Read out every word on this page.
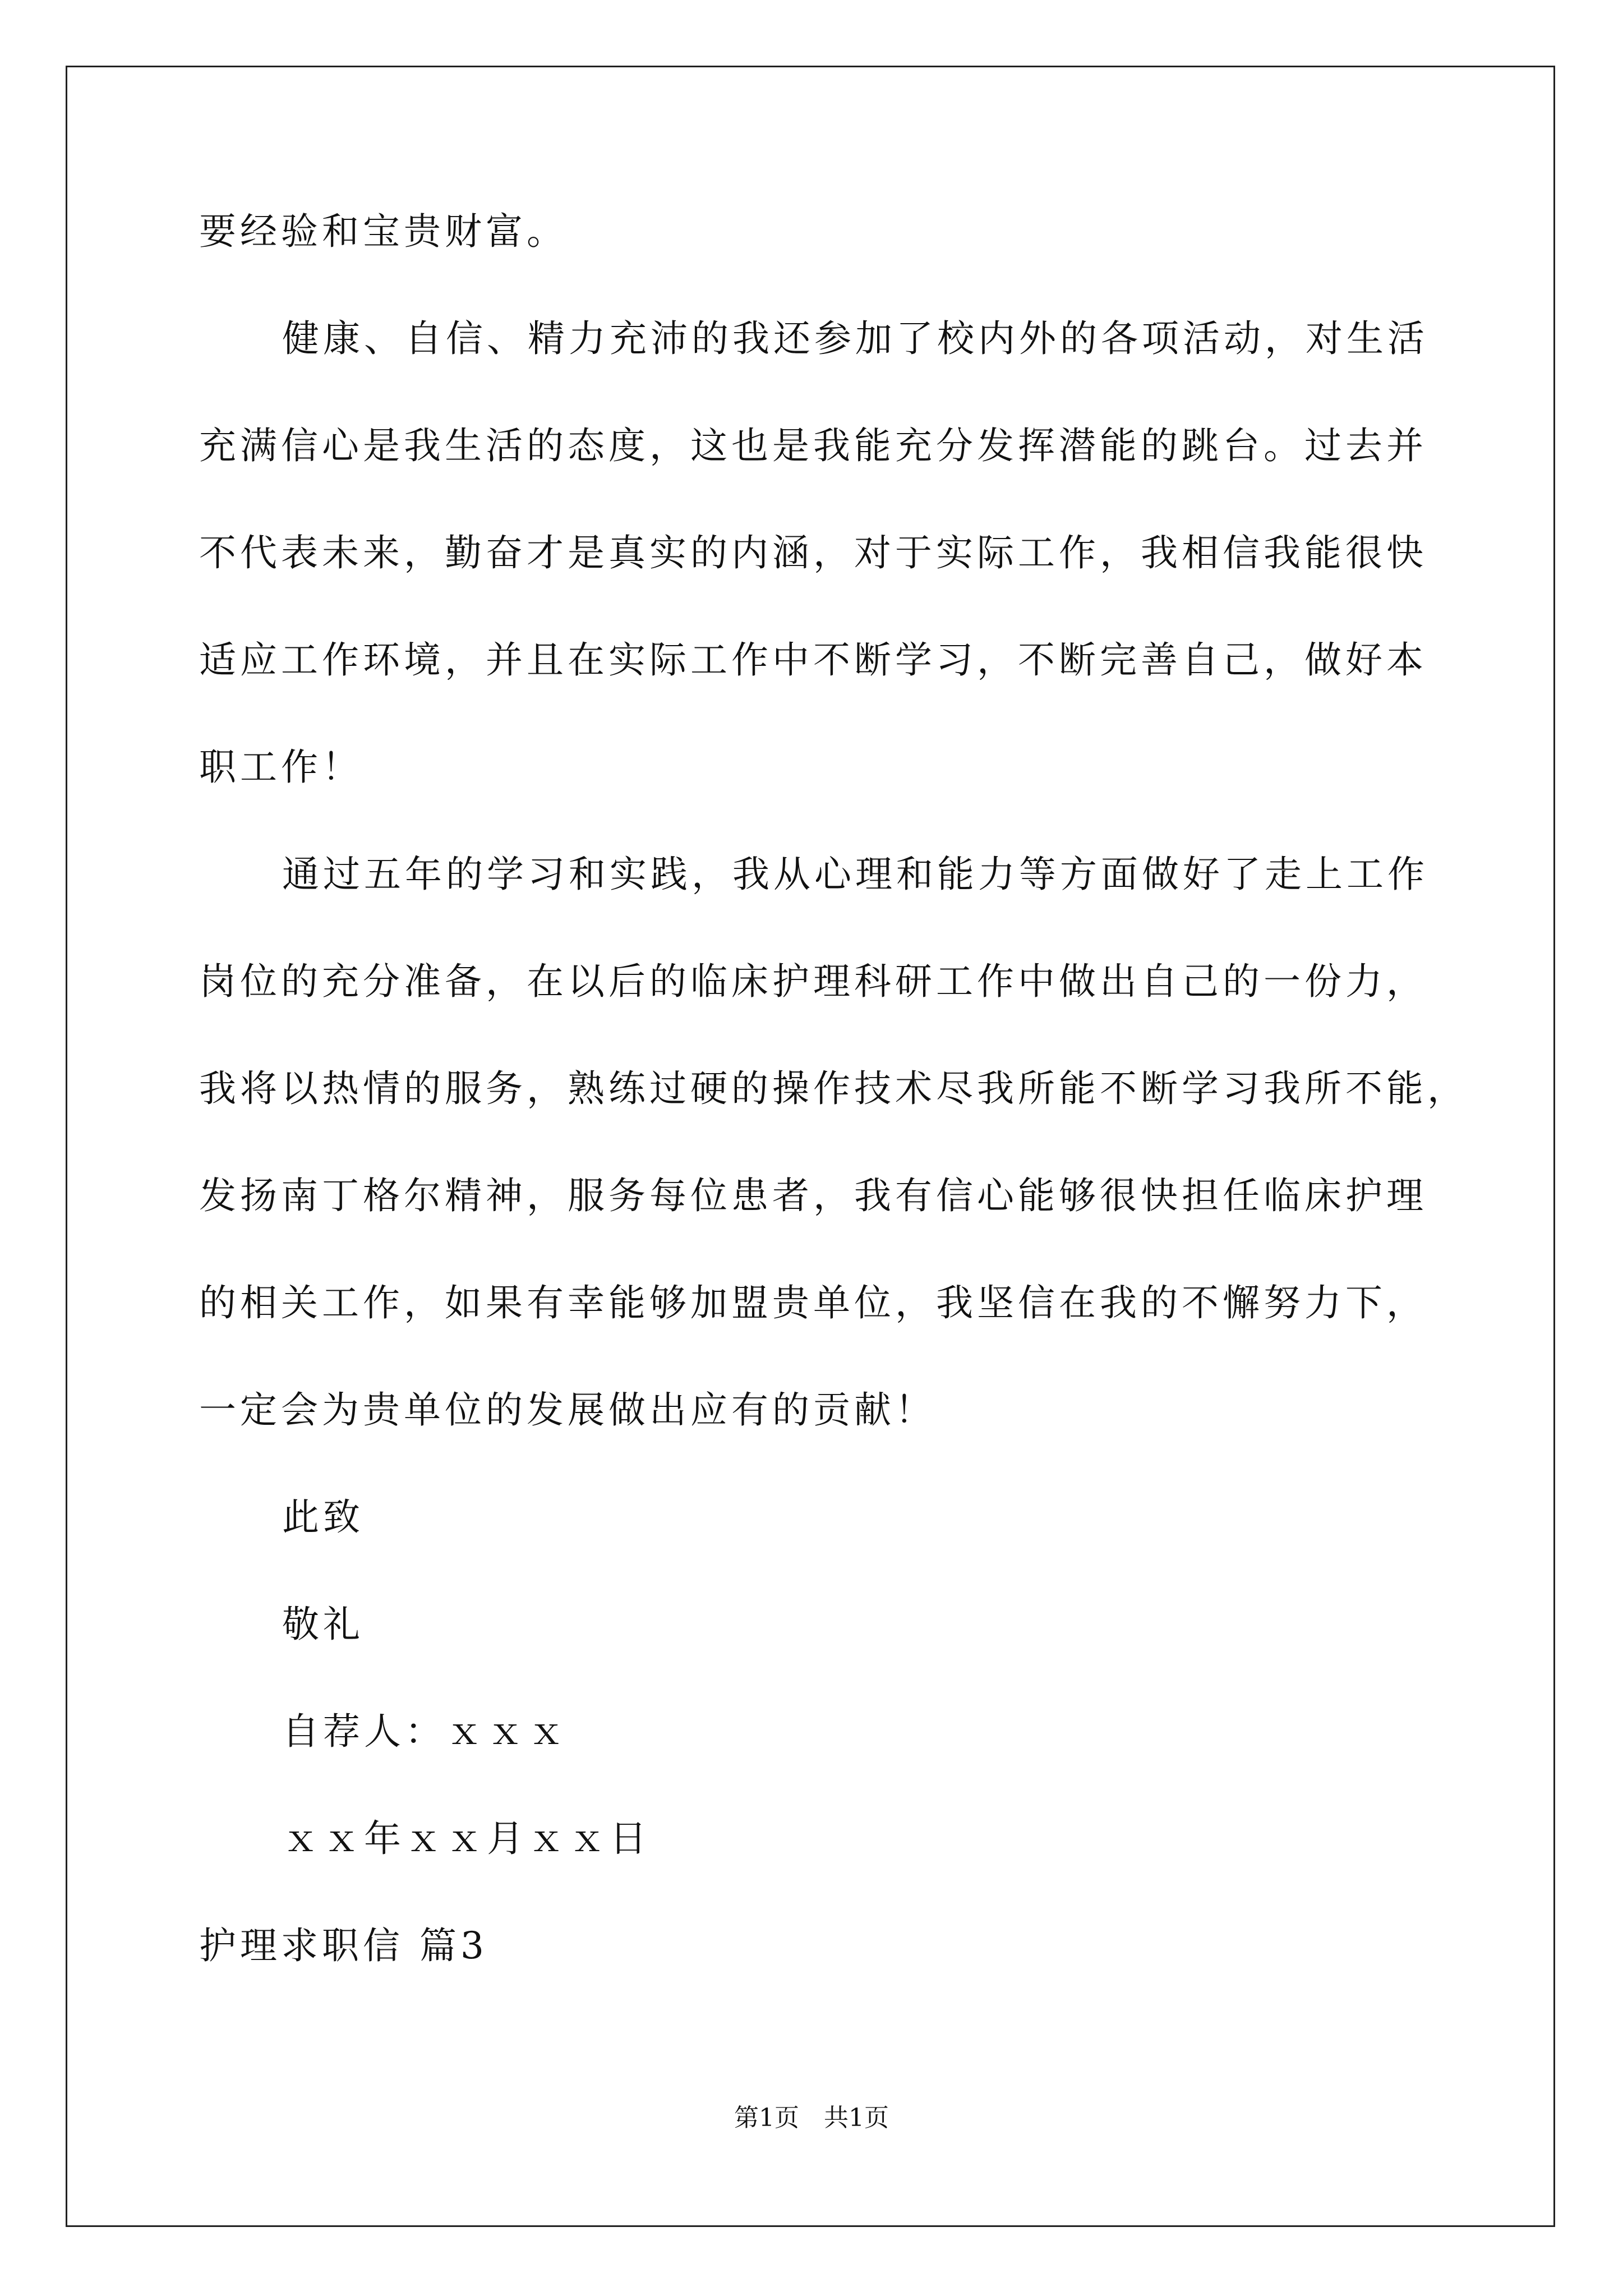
要经验和宝贵财富。
健康、自信、精力充沛的我还参加了校内外的各项活动，对生活
充满信心是我生活的态度，这也是我能充分发挥潜能的跳台。过去并
不代表未来，勤奋才是真实的内涵，对于实际工作，我相信我能很快
适应工作环境，并且在实际工作中不断学习，不断完善自己，做好本
职工作！
通过五年的学习和实践，我从心理和能力等方面做好了走上工作
岗位的充分准备，在以后的临床护理科研工作中做出自己的一份力，
我将以热情的服务，熟练过硬的操作技术尽我所能不断学习我所不能，
发扬南丁格尔精神，服务每位患者，我有信心能够很快担任临床护理
的相关工作，如果有幸能够加盟贵单位，我坚信在我的不懈努力下，
一定会为贵单位的发展做出应有的贡献！
此致
敬礼
自荐人：ｘｘｘ
ｘｘ年ｘｘ月ｘｘ日
护理求职信 篇3
第1页　共1页
